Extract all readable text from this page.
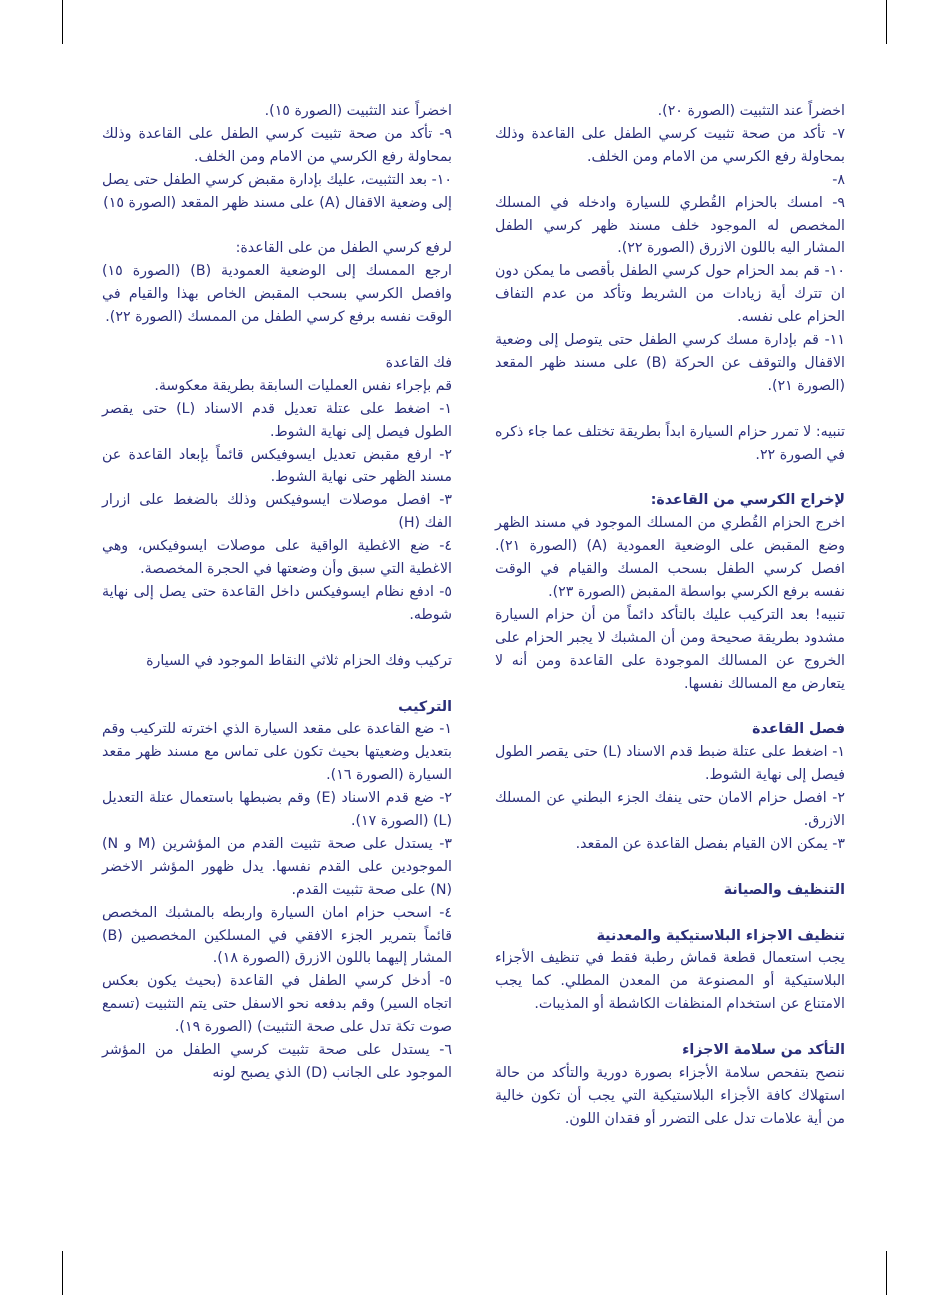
اخضراً عند التثبيت (الصورة ٢٠).

٧- تأكد من صحة تثبيت كرسي الطفل على القاعدة وذلك بمحاولة رفع الكرسي من الامام ومن الخلف.

٨-

٩- امسك بالحزام القُطري للسيارة وادخله في المسلك المخصص له الموجود خلف مسند ظهر كرسي الطفل المشار اليه باللون الازرق (الصورة ٢٢).

١٠- قم بمد الحزام حول كرسي الطفل بأقصى ما يمكن دون ان تترك أية زيادات من الشريط وتأكد من عدم التفاف الحزام على نفسه.

١١- قم بإدارة مسك كرسي الطفل حتى يتوصل إلى وضعية الاقفال والتوقف عن الحركة (B) على مسند ظهر المقعد (الصورة ٢١).

تنبيه: لا تمرر حزام السيارة ابداً بطريقة تختلف عما جاء ذكره في الصورة ٢٢.

لإخراج الكرسي من القاعدة:

اخرج الحزام القُطري من المسلك الموجود في مسند الظهر وضع المقبض على الوضعية العمودية (A) (الصورة ٢١). افصل كرسي الطفل بسحب المسك والقيام في الوقت نفسه برفع الكرسي بواسطة المقبض (الصورة ٢٣).

تنبيه! بعد التركيب عليك بالتأكد دائماً من أن حزام السيارة مشدود بطريقة صحيحة ومن أن المشبك لا يجبر الحزام على الخروج عن المسالك الموجودة على القاعدة ومن أنه لا يتعارض مع المسالك نفسها.

فصل القاعدة

١- اضغط على عتلة ضبط قدم الاسناد (L) حتى يقصر الطول فيصل إلى نهاية الشوط.

٢- افصل حزام الامان حتى ينفك الجزء البطني عن المسلك الازرق.

٣- يمكن الان القيام بفصل القاعدة عن المقعد.

التنظيف والصيانة

تنظيف الاجزاء البلاستيكية والمعدنية

يجب استعمال قطعة قماش رطبة فقط في تنظيف الأجزاء البلاستيكية أو المصنوعة من المعدن المطلي. كما يجب الامتناع عن استخدام المنظفات الكاشطة أو المذيبات.

التأكد من سلامة الاجزاء

ننصح بتفحص سلامة الأجزاء بصورة دورية والتأكد من حالة استهلاك كافة الأجزاء البلاستيكية التي يجب أن تكون خالية من أية علامات تدل على التضرر أو فقدان اللون.

اخضراً عند التثبيت (الصورة ١٥).

٩- تأكد من صحة تثبيت كرسي الطفل على القاعدة وذلك بمحاولة رفع الكرسي من الامام ومن الخلف.

١٠- بعد التثبيت، عليك بإدارة مقبض كرسي الطفل حتى يصل إلى وضعية الاقفال (A) على مسند ظهر المقعد (الصورة ١٥)

لرفع كرسي الطفل من على القاعدة:

ارجع الممسك إلى الوضعية العمودية (B) (الصورة ١٥) وافصل الكرسي بسحب المقبض الخاص بهذا والقيام في الوقت نفسه برفع كرسي الطفل من الممسك (الصورة ٢٢).

فك القاعدة

قم بإجراء نفس العمليات السابقة بطريقة معكوسة.

١- اضغط على عتلة تعديل قدم الاسناد (L) حتى يقصر الطول فيصل إلى نهاية الشوط.

٢- ارفع مقبض تعديل ايسوفيكس قائماً بإبعاد القاعدة عن مسند الظهر حتى نهاية الشوط.

٣- افصل موصلات ايسوفيكس وذلك بالضغط على ازرار الفك (H)

٤- ضع الاغطية الواقية على موصلات ايسوفيكس، وهي الاغطية التي سبق وأن وضعتها في الحجرة المخصصة.

٥- ادفع نظام ايسوفيكس داخل القاعدة حتى يصل إلى نهاية شوطه.

تركيب وفك الحزام ثلاثي النقاط الموجود في السيارة

التركيب

١- ضع القاعدة على مقعد السيارة الذي اخترته للتركيب وقم بتعديل وضعيتها بحيث تكون على تماس مع مسند ظهر مقعد السيارة (الصورة ١٦).

٢- ضع قدم الاسناد (E) وقم بضبطها باستعمال عتلة التعديل (L) (الصورة ١٧).

٣- يستدل على صحة تثبيت القدم من المؤشرين (M و N) الموجودين على القدم نفسها. يدل ظهور المؤشر الاخضر (N) على صحة تثبيت القدم.

٤- اسحب حزام امان السيارة واربطه بالمشبك المخصص قائماً بتمرير الجزء الافقي في المسلكين المخصصين (B) المشار إليهما باللون الازرق (الصورة ١٨).

٥- أدخل كرسي الطفل في القاعدة (بحيث يكون بعكس اتجاه السير) وقم بدفعه نحو الاسفل حتى يتم التثبيت (تسمع صوت تكة تدل على صحة التثبيت) (الصورة ١٩).

٦- يستدل على صحة تثبيت كرسي الطفل من المؤشر الموجود على الجانب (D) الذي يصبح لونه
